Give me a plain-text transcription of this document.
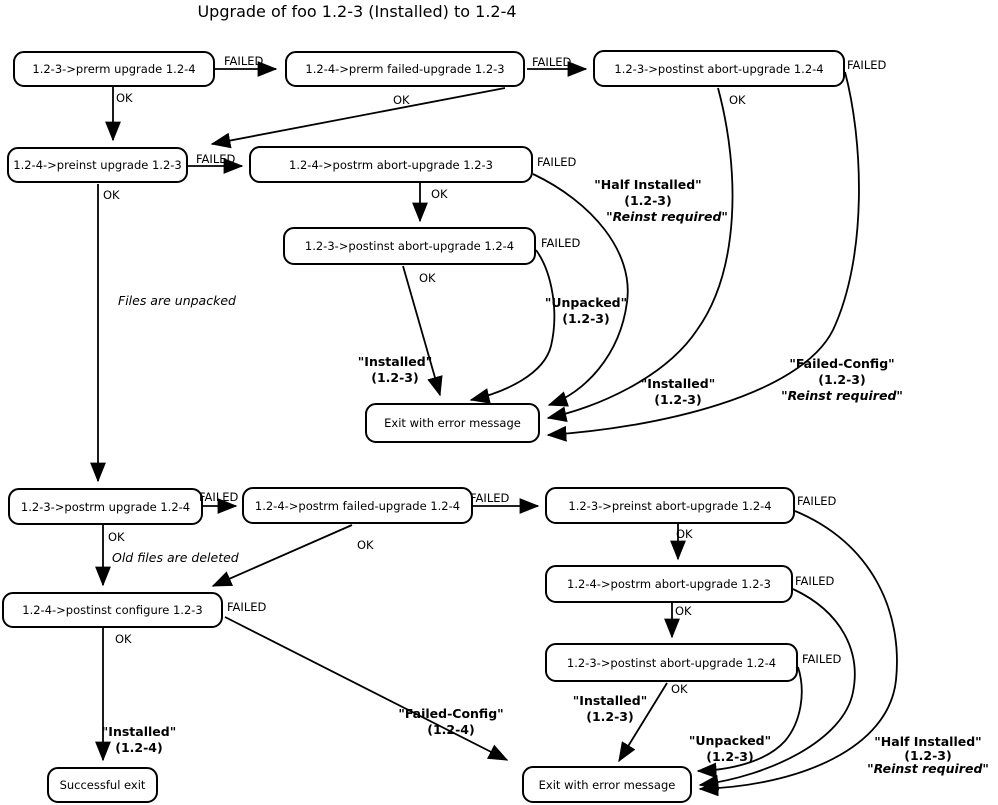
Upgrade of foo 1.2-3 (Installed) to 1.2-4
1.2-3->prerm upgrade 1.2-4	1.2-4->prerm failed-upgrade 1.2-3	1.2-3->postinst abort-upgrade 1.2-4
1.2-4->preinst upgrade 1.2-3	1.2-4->postrm abort-upgrade 1.2-3
1.2-3->postinst abort-upgrade 1.2-4
Exit with error message
1.2-3->postrm upgrade 1.2-4	1.2-4->postrm failed-upgrade 1.2-4
1.2-4->postinst configure 1.2-3
1.2-3->preinst abort-upgrade 1.2-4
1.2-4->postrm abort-upgrade 1.2-3
1.2-3->postinst abort-upgrade 1.2-4
Successful exit	Exit with error message
FAILED	FAILED	FAILED
FAILED	FAILED
FAILED
FAILED	FAILED
FAILED
FAILED
FAILED
FAILED
OK	OK	OK
OK	OK
OK
OK
OK
OK
OK
OK
OK
"Half Installed"
(1.2-3)
"Reinst required"
"Unpacked"
(1.2-3)
"Installed"
(1.2-3)	"Installed"
(1.2-3)
"Failed-Config"
(1.2-3)
"Reinst required"
"Installed"
(1.2-4)
"Failed-Config"
(1.2-4)
"Installed"
(1.2-3)
"Unpacked"
(1.2-3)
"Half Installed"
(1.2-3)
"Reinst required"
Files are unpacked
Old files are deleted
